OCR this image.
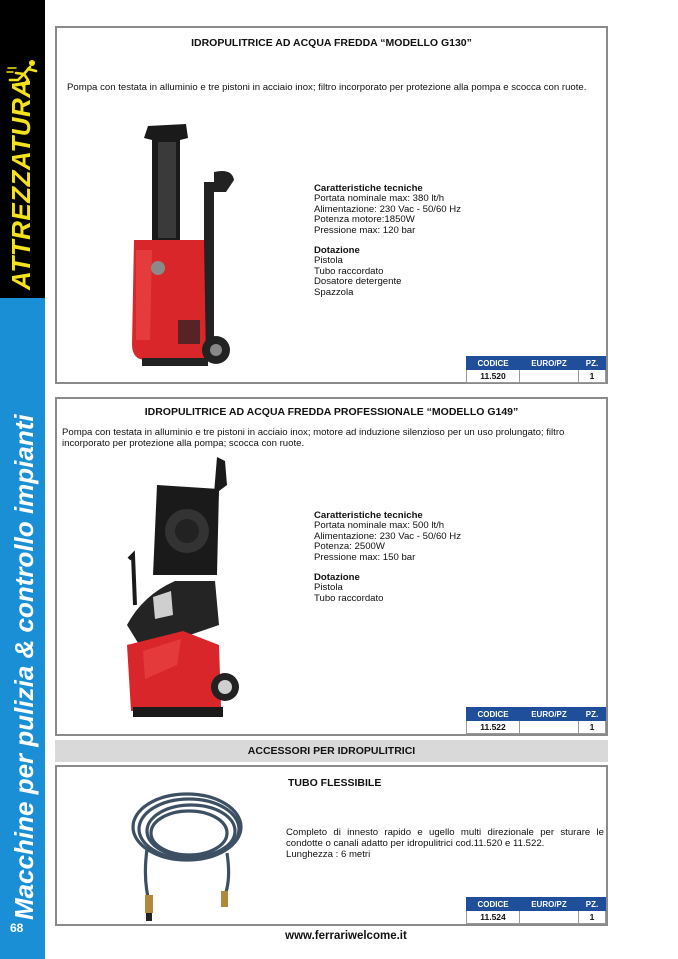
ATTREZZATURA
Macchine per pulizia & controllo impianti
68
IDROPULITRICE AD ACQUA FREDDA “MODELLO G130”
Pompa con testata in alluminio e tre pistoni in acciaio inox; filtro incorporato per protezione alla pompa e scocca con ruote.
Caratteristiche tecniche
Portata nominale max: 380 lt/h
Alimentazione: 230 Vac - 50/60 Hz
Potenza motore:1850W
Pressione max: 120 bar
Dotazione
Pistola
Tubo raccordato
Dosatore detergente
Spazzola
CODICE	EURO/PZ	PZ.
11.520		1
IDROPULITRICE AD ACQUA FREDDA PROFESSIONALE “MODELLO G149”
Pompa con testata in alluminio e tre pistoni in acciaio inox; motore ad induzione silenzioso per un uso prolungato; filtro incorporato per protezione alla pompa; scocca con ruote.
Caratteristiche tecniche
Portata nominale max: 500 lt/h
Alimentazione: 230 Vac - 50/60 Hz
Potenza: 2500W
Pressione max: 150 bar
Dotazione
Pistola
Tubo raccordato
CODICE	EURO/PZ	PZ.
11.522		1
ACCESSORI PER IDROPULITRICI
TUBO FLESSIBILE
Completo di innesto rapido e ugello multi direzionale per sturare le
condotte o canali adatto per idropulitrici cod.11.520 e 11.522.
Lunghezza : 6 metri
CODICE	EURO/PZ	PZ.
11.524		1
www.ferrariwelcome.it
